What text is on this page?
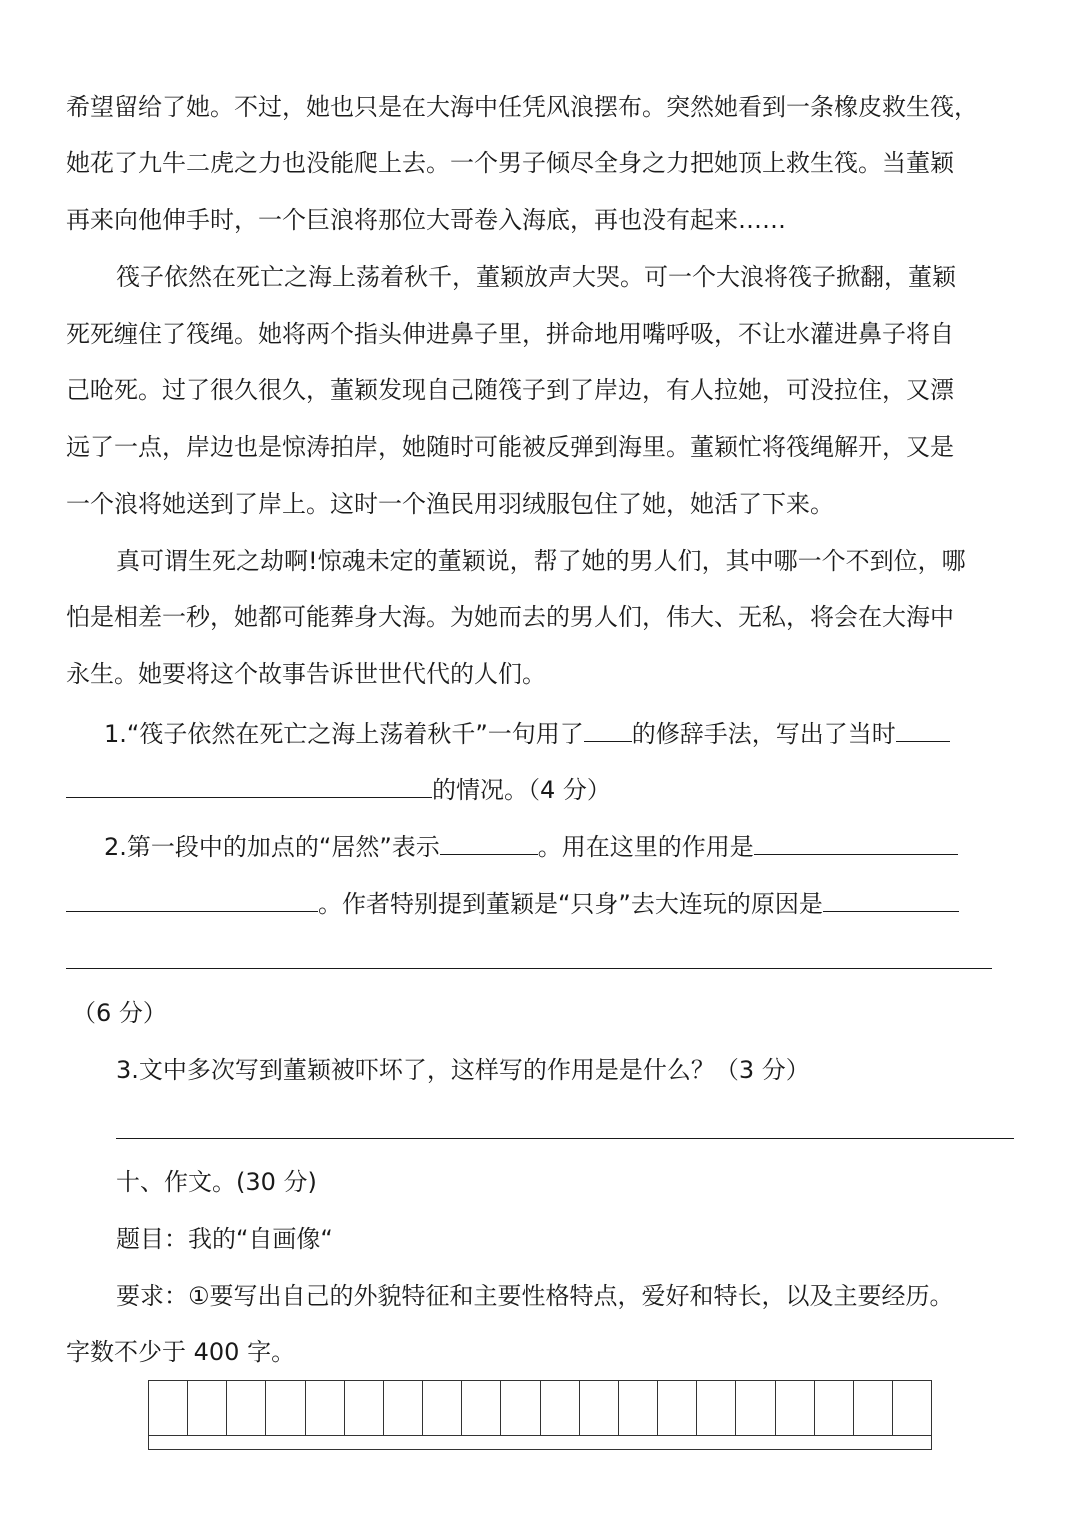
希望留给了她。不过，她也只是在大海中任凭风浪摆布。突然她看到一条橡皮救生筏，
她花了九牛二虎之力也没能爬上去。一个男子倾尽全身之力把她顶上救生筏。当董颖
再来向他伸手时，一个巨浪将那位大哥卷入海底，再也没有起来……
筏子依然在死亡之海上荡着秋千，董颖放声大哭。可一个大浪将筏子掀翻，董颖
死死缠住了筏绳。她将两个指头伸进鼻子里，拼命地用嘴呼吸，不让水灌进鼻子将自
己呛死。过了很久很久，董颖发现自己随筏子到了岸边，有人拉她，可没拉住，又漂
远了一点，岸边也是惊涛拍岸，她随时可能被反弹到海里。董颖忙将筏绳解开，又是
一个浪将她送到了岸上。这时一个渔民用羽绒服包住了她，她活了下来。
真可谓生死之劫啊!惊魂未定的董颖说，帮了她的男人们，其中哪一个不到位，哪
怕是相差一秒，她都可能葬身大海。为她而去的男人们，伟大、无私，将会在大海中
永生。她要将这个故事告诉世世代代的人们。
1.“筏子依然在死亡之海上荡着秋千”一句用了 的修辞手法，写出了当时
的情况。（4 分）
2.第一段中的加点的“居然”表示	。用在这里的作用是
。作者特别提到董颖是“只身”去大连玩的原因是
（6 分）
3.文中多次写到董颖被吓坏了，这样写的作用是是什么？（3 分）
十、作文。(30 分)
题目：我的“自画像“
要求：①要写出自己的外貌特征和主要性格特点，爱好和特长，以及主要经历。
字数不少于 400 字。
